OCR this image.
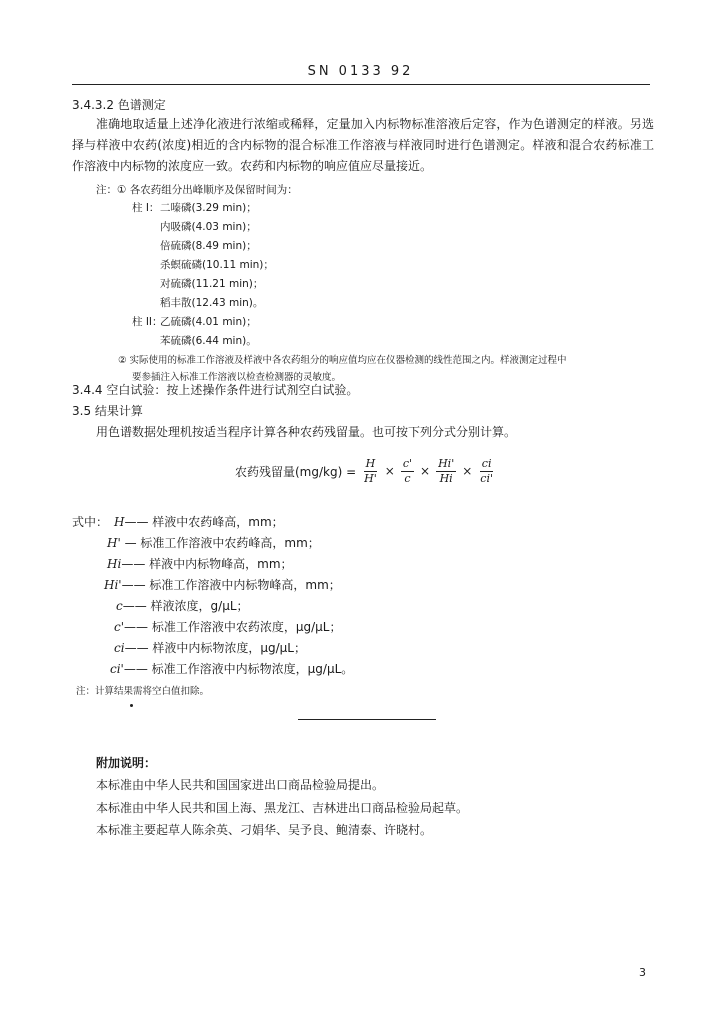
SN 0133 92
3.4.3.2 色谱测定
准确地取适量上述净化液进行浓缩或稀释，定量加入内标物标准溶液后定容，作为色谱测定的样液。另选择与样液中农药(浓度)相近的含内标物的混合标准工作溶液与样液同时进行色谱测定。样液和混合农药标准工作溶液中内标物的浓度应一致。农药和内标物的响应值应尽量接近。
注：① 各农药组分出峰顺序及保留时间为：
柱 I： 二嗪磷(3.29 min)；
内吸磷(4.03 min)；
倍硫磷(8.49 min)；
杀螟硫磷(10.11 min)；
对硫磷(11.21 min)；
稻丰散(12.43 min)。
柱 II：
乙硫磷(4.01 min)；
苯硫磷(6.44 min)。
② 实际使用的标准工作溶液及样液中各农药组分的响应值均应在仪器检测的线性范围之内。样液测定过程中
要参插注入标准工作溶液以检查检测器的灵敏度。
3.4.4 空白试验：按上述操作条件进行试剂空白试验。
3.5 结果计算
用色谱数据处理机按适当程序计算各种农药残留量。也可按下列分式分别计算。
农药残留量$(mg/kg) = \frac{H}{H'} \times \frac{c'}{c} \times \frac{Hi'}{Hi} \times \frac{ci}{ci'}$
式中： H—— 样液中农药峰高，mm；
H' — 标准工作溶液中农药峰高，mm；
Hi—— 样液中内标物峰高，mm；
Hi'—— 标准工作溶液中内标物峰高，mm；
c—— 样液浓度，g/μL；
c'—— 标准工作溶液中农药浓度，μg/μL；
ci—— 样液中内标物浓度，μg/μL；
ci'—— 标准工作溶液中内标物浓度，μg/μL。
注：计算结果需将空白值扣除。
附加说明：
本标准由中华人民共和国国家进出口商品检验局提出。
本标准由中华人民共和国上海、黑龙江、吉林进出口商品检验局起草。
本标准主要起草人陈余英、刁娟华、吴予良、鲍清泰、许晓村。
3
